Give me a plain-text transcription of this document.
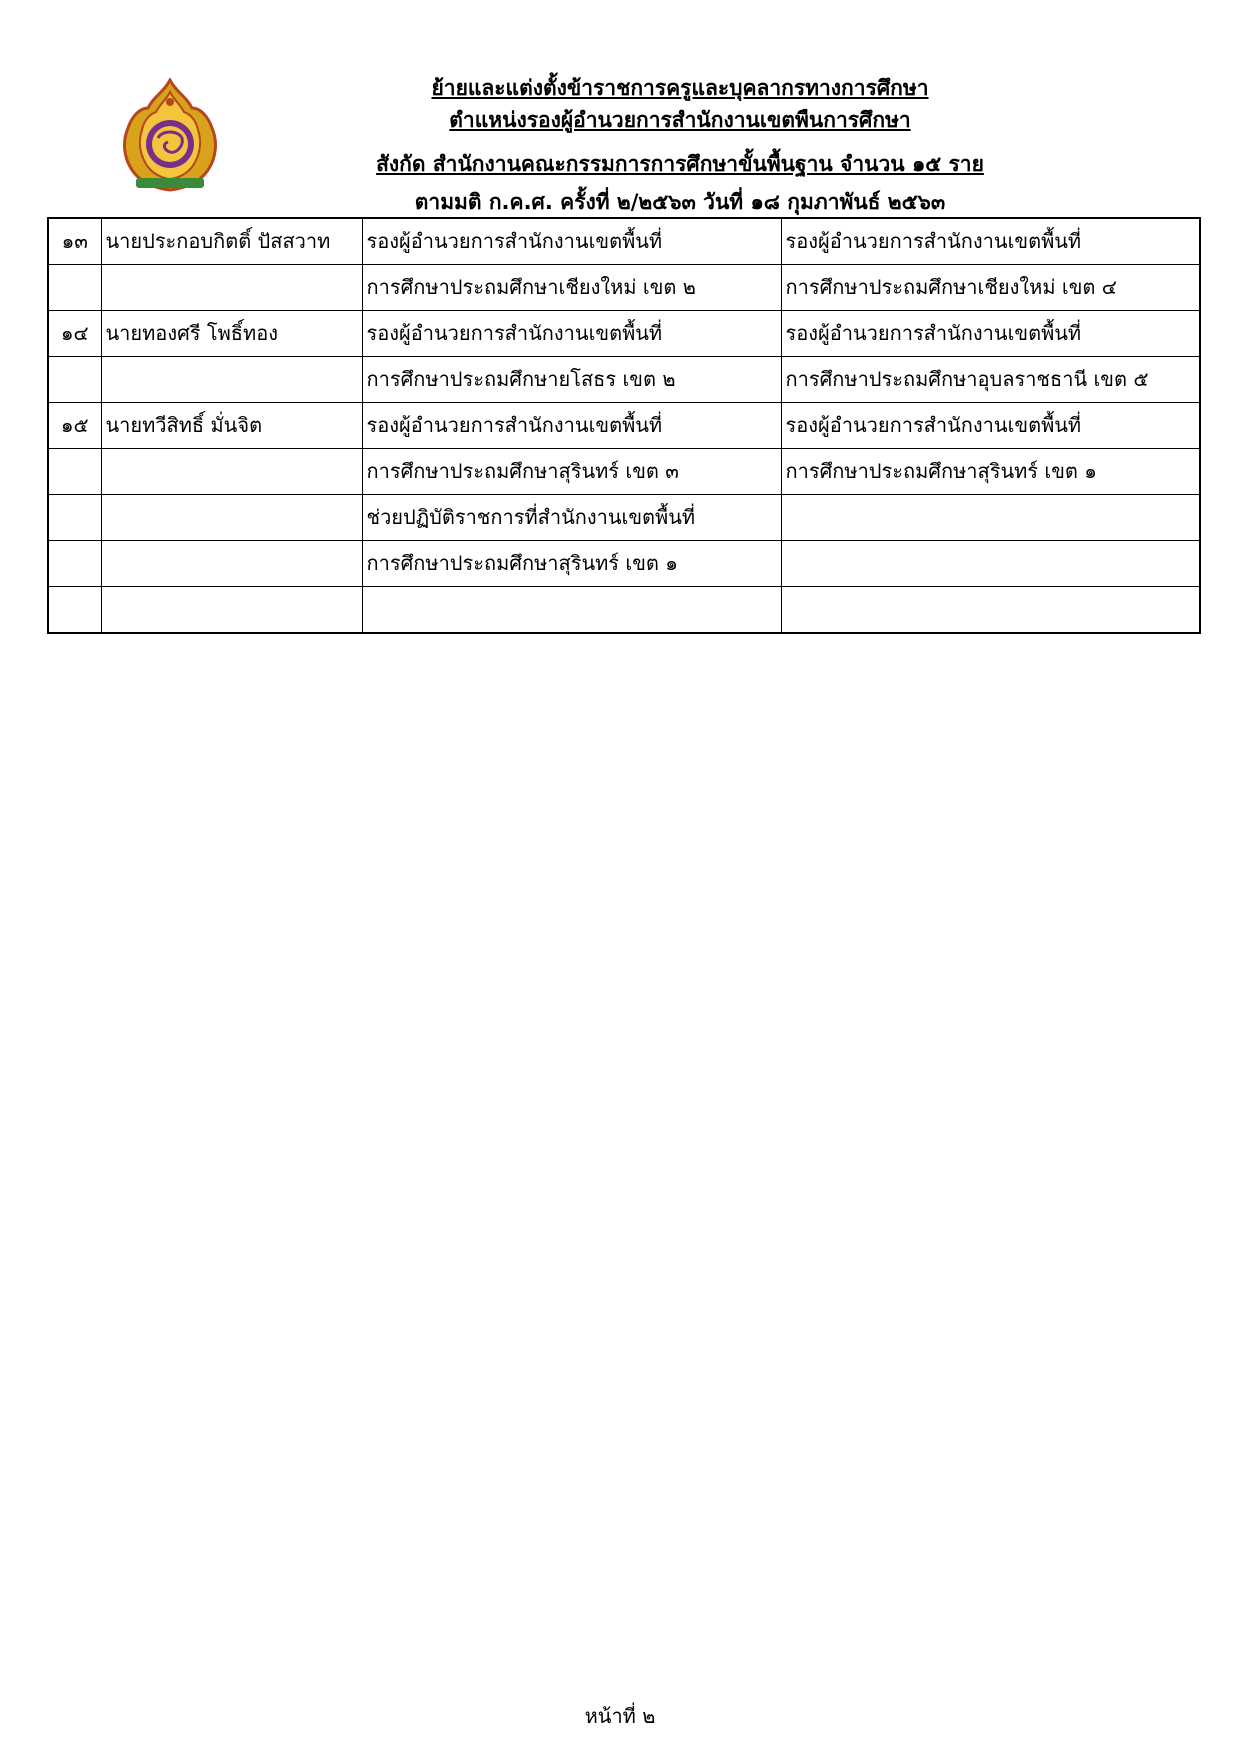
ย้ายและแต่งตั้งข้าราชการครูและบุคลากรทางการศึกษา
ตำแหน่งรองผู้อำนวยการสำนักงานเขตพืนการศึกษา
สังกัด สำนักงานคณะกรรมการการศึกษาขั้นพื้นฐาน จำนวน ๑๕ ราย
ตามมติ ก.ค.ศ. ครั้งที่ ๒/๒๕๖๓ วันที่ ๑๘ กุมภาพันธ์ ๒๕๖๓
๑๓	นายประกอบกิตติ์ ปัสสวาท	รองผู้อำนวยการสำนักงานเขตพื้นที่	รองผู้อำนวยการสำนักงานเขตพื้นที่
		การศึกษาประถมศึกษาเชียงใหม่ เขต ๒	การศึกษาประถมศึกษาเชียงใหม่ เขต ๔
๑๔	นายทองศรี โพธิ์ทอง	รองผู้อำนวยการสำนักงานเขตพื้นที่	รองผู้อำนวยการสำนักงานเขตพื้นที่
		การศึกษาประถมศึกษายโสธร เขต ๒	การศึกษาประถมศึกษาอุบลราชธานี เขต ๕
๑๕	นายทวีสิทธิ์ มั่นจิต	รองผู้อำนวยการสำนักงานเขตพื้นที่	รองผู้อำนวยการสำนักงานเขตพื้นที่
		การศึกษาประถมศึกษาสุรินทร์ เขต ๓	การศึกษาประถมศึกษาสุรินทร์ เขต ๑
		ช่วยปฏิบัติราชการที่สำนักงานเขตพื้นที่	
		การศึกษาประถมศึกษาสุรินทร์ เขต ๑	

หน้าที่ ๒
